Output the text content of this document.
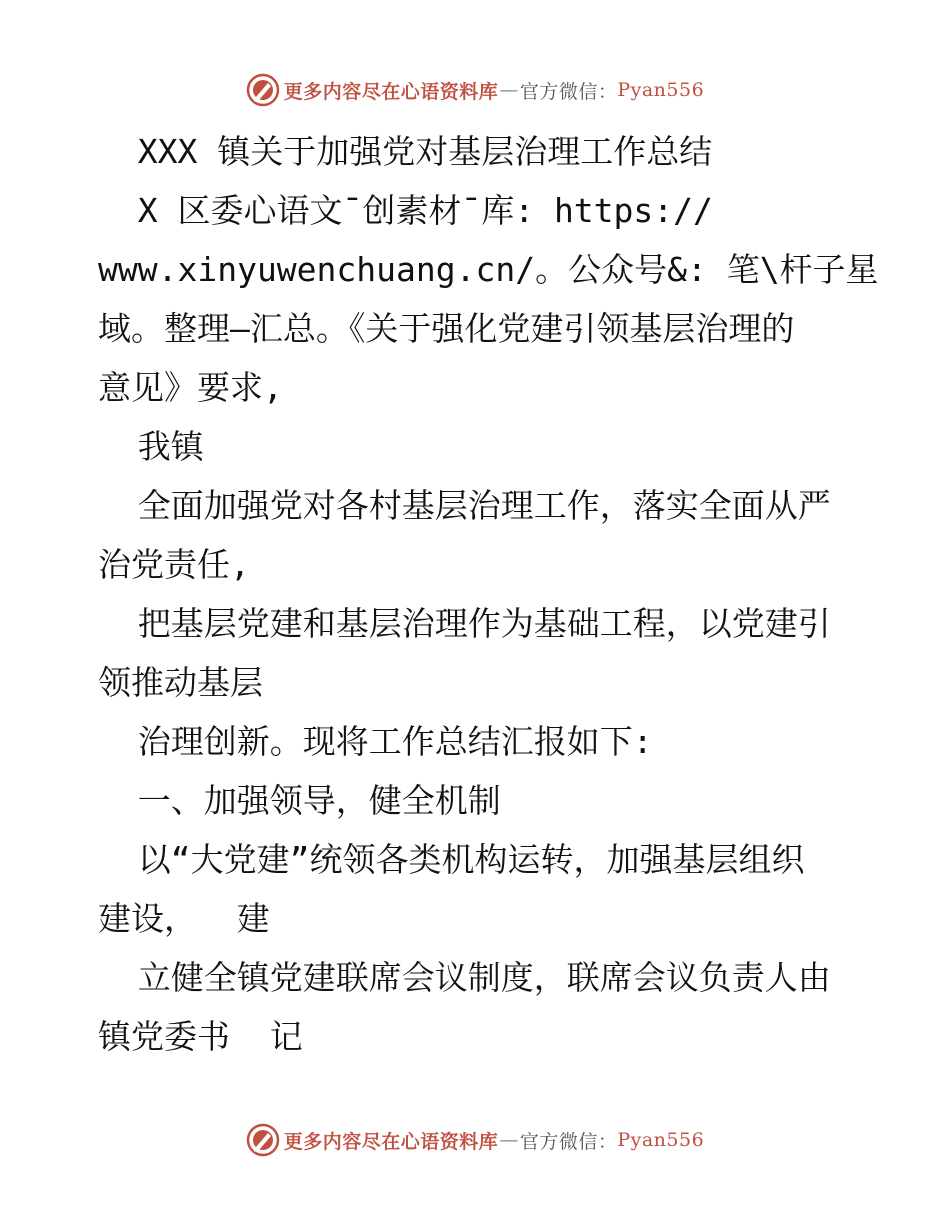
更多内容尽在心语资料库 — 官方微信： Pyan556
XXX 镇关于加强党对基层治理工作总结
X 区委心语文¯创素材¯库: https://
www.xinyuwenchuang.cn/。公众号&: 笔\杆子星
域。整理—汇总。《关于强化党建引领基层治理的
意见》要求,
我镇
全面加强党对各村基层治理工作，落实全面从严
治党责任,
把基层党建和基层治理作为基础工程，以党建引
领推动基层
治理创新。现将工作总结汇报如下:
一、加强领导，健全机制
以“大党建”统领各类机构运转，加强基层组织
建设，  建
立健全镇党建联席会议制度，联席会议负责人由
镇党委书  记
更多内容尽在心语资料库 — 官方微信： Pyan556
